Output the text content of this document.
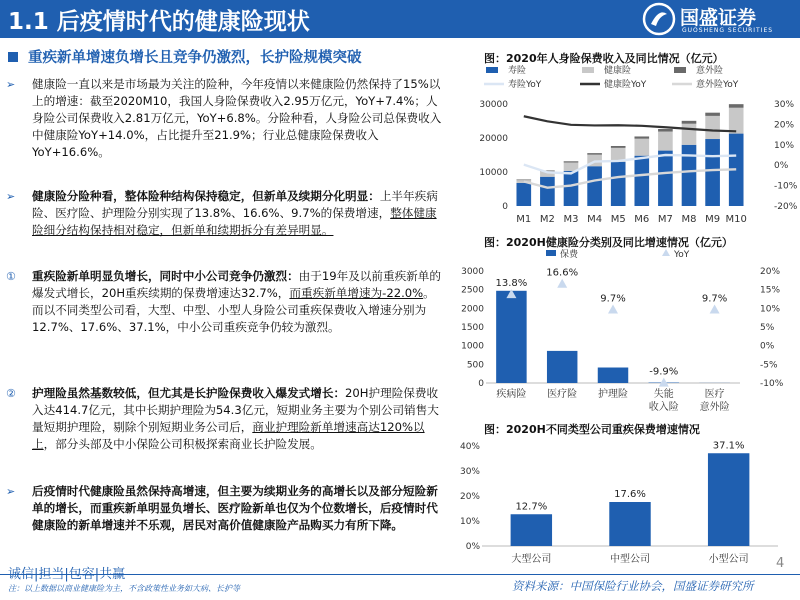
1.1 后疫情时代的健康险现状	国盛证券
GUOSHENG SECURITIES
重疾新单增速负增长且竞争仍激烈，长护险规模突破
➢	健康险一直以来是市场最为关注的险种，今年疫情以来健康险仍然保持了15%以上的增速：截至2020M10，我国人身险保费收入2.95万亿元，YoY+7.4%；人身险公司保费收入2.81万亿元，YoY+6.8%。分险种看，人身险公司总保费收入中健康险YoY+14.0%，占比提升至21.9%；行业总健康险保费收入YoY+16.6%。
➢	健康险分险种看，整体险种结构保持稳定，但新单及续期分化明显：上半年疾病险、医疗险、护理险分别实现了13.8%、16.6%、9.7%的保费增速，整体健康险细分结构保持相对稳定，但新单和续期拆分有差异明显。
①	重疾险新单明显负增长，同时中小公司竞争仍激烈：由于19年及以前重疾新单的爆发式增长，20H重疾续期的保费增速达32.7%，而重疾新单增速为-22.0%。而以不同类型公司看，大型、中型、小型人身险公司重疾保费收入增速分别为12.7%、17.6%、37.1%，中小公司重疾竞争仍较为激烈。
②	护理险虽然基数较低，但尤其是长护险保费收入爆发式增长：20H护理险保费收入达414.7亿元，其中长期护理险为54.3亿元，短期业务主要为个别公司销售大量短期护理险，剔除个别短期业务公司后，商业护理险新单增速高达120%以上，部分头部及中小保险公司积极探索商业长护险发展。
➢	后疫情时代健康险虽然保持高增速，但主要为续期业务的高增长以及部分短险新单的增长，而重疾新单明显负增长、医疗险新单也仅为个位数增长，后疫情时代健康险的新单增速并不乐观，居民对高价值健康险产品购买力有所下降。
图：2020年人身险保费收入及同比情况（亿元）
图：2020H健康险分类别及同比增速情况（亿元）
图：2020H不同类型公司重疾保费增速情况
0
10000
20000
30000
-20%
-10%
0%
10%
20%
30%
M1 M2 M3 M4 M5 M6 M7 M8 M9 M10
寿险	健康险	意外险
寿险YoY	健康险YoY	意外险YoY
0
500
1000
1500
2000
2500
3000
-10%
-5%
0%
5%
10%
15%
20%
13.8%
疾病险
16.6%
医疗险
9.7%
护理险
-9.9%
失能
收入险
9.7%
医疗
意外险
保费	YoY
0%
10%
20%
30%
40%
12.7%
大型公司
17.6%
中型公司
37.1%
小型公司 4
诚信|担当|包容|共赢
注：以上数据以商业健康险为主，不含政策性业务如大病、长护等	资料来源：中国保险行业协会，国盛证券研究所
